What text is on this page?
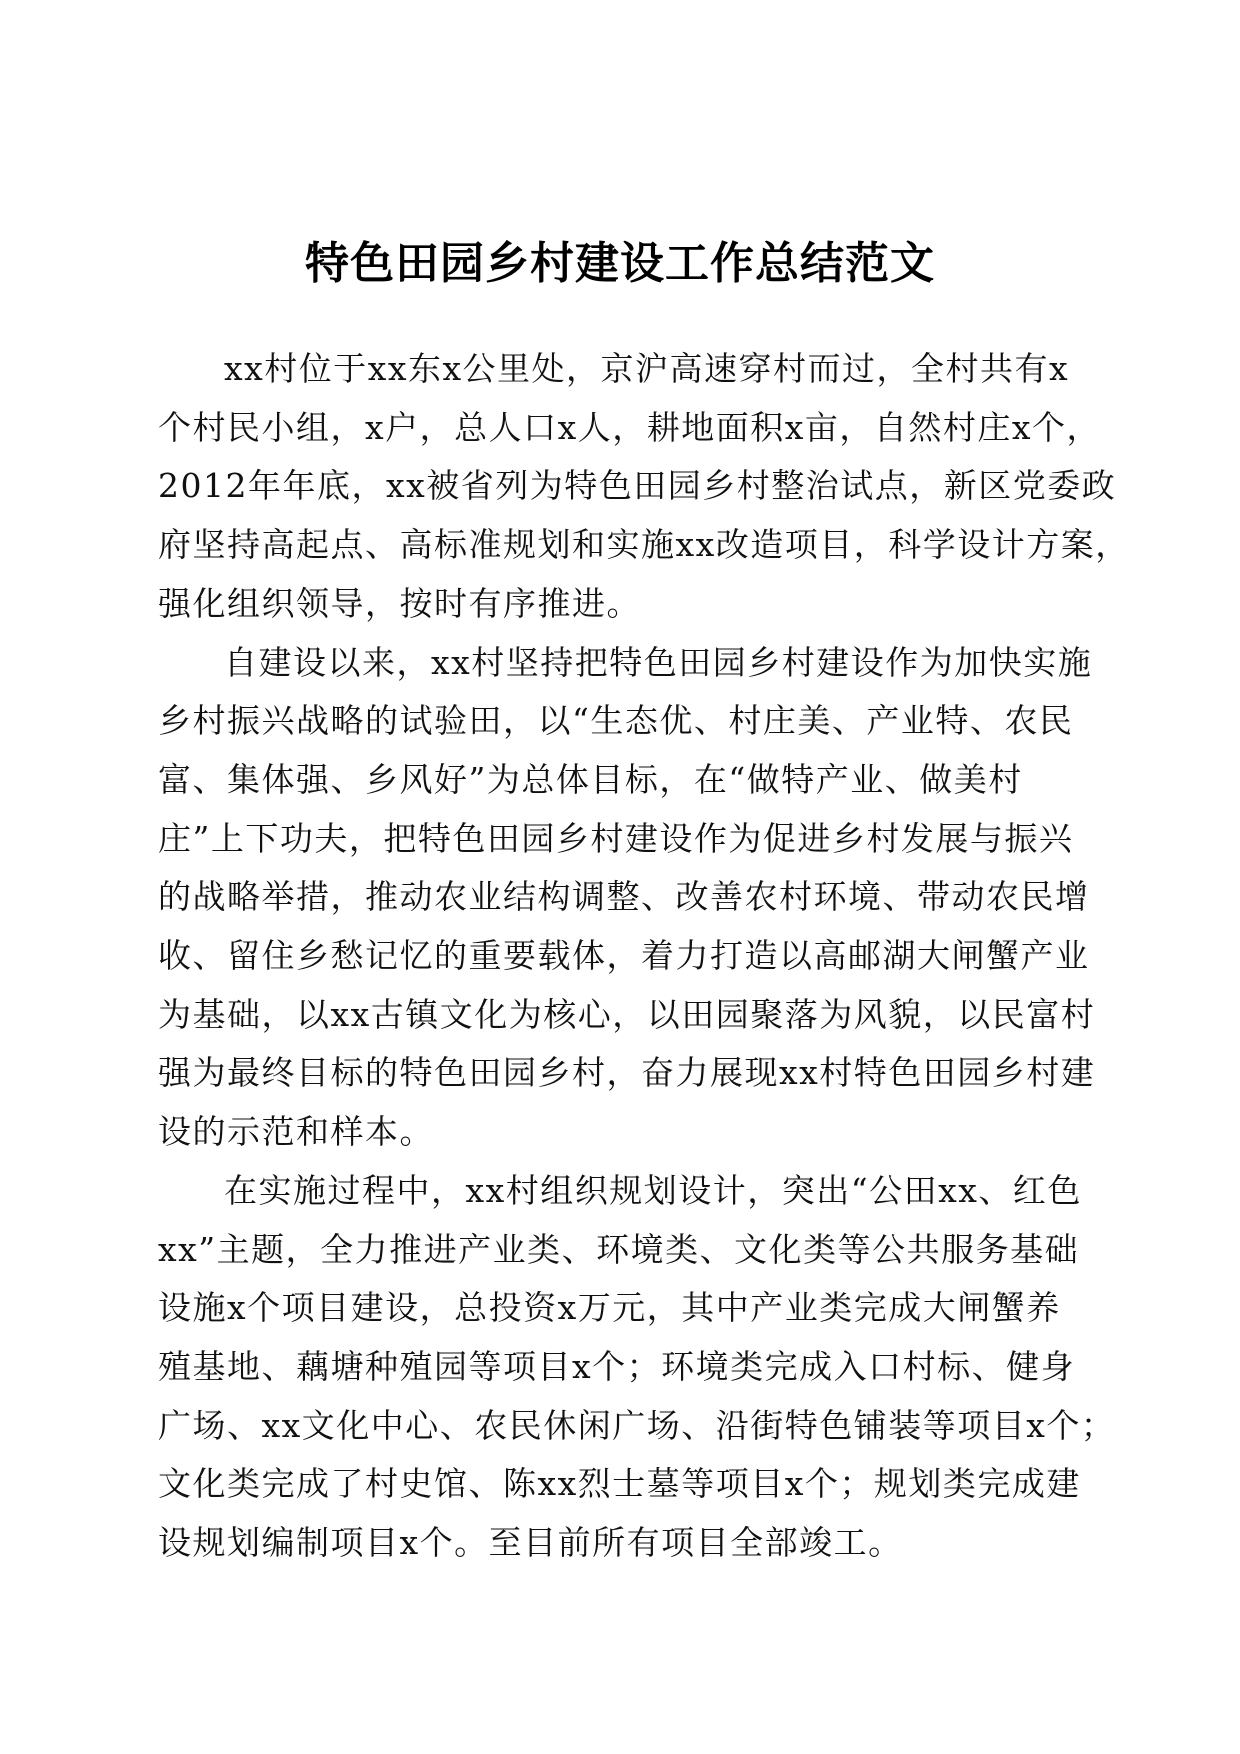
特色田园乡村建设工作总结范文

xx村位于xx东x公里处，京沪高速穿村而过，全村共有x
个村民小组，x户，总人口x人，耕地面积x亩，自然村庄x个，
2012年年底，xx被省列为特色田园乡村整治试点，新区党委政
府坚持高起点、高标准规划和实施xx改造项目，科学设计方案，
强化组织领导，按时有序推进。

自建设以来，xx村坚持把特色田园乡村建设作为加快实施
乡村振兴战略的试验田，以“生态优、村庄美、产业特、农民
富、集体强、乡风好”为总体目标，在“做特产业、做美村
庄”上下功夫，把特色田园乡村建设作为促进乡村发展与振兴
的战略举措，推动农业结构调整、改善农村环境、带动农民增
收、留住乡愁记忆的重要载体，着力打造以高邮湖大闸蟹产业
为基础，以xx古镇文化为核心，以田园聚落为风貌，以民富村
强为最终目标的特色田园乡村，奋力展现xx村特色田园乡村建
设的示范和样本。

在实施过程中，xx村组织规划设计，突出“公田xx、红色
xx”主题，全力推进产业类、环境类、文化类等公共服务基础
设施x个项目建设，总投资x万元，其中产业类完成大闸蟹养
殖基地、藕塘种殖园等项目x个；环境类完成入口村标、健身
广场、xx文化中心、农民休闲广场、沿街特色铺装等项目x个；
文化类完成了村史馆、陈xx烈士墓等项目x个；规划类完成建
设规划编制项目x个。至目前所有项目全部竣工。
